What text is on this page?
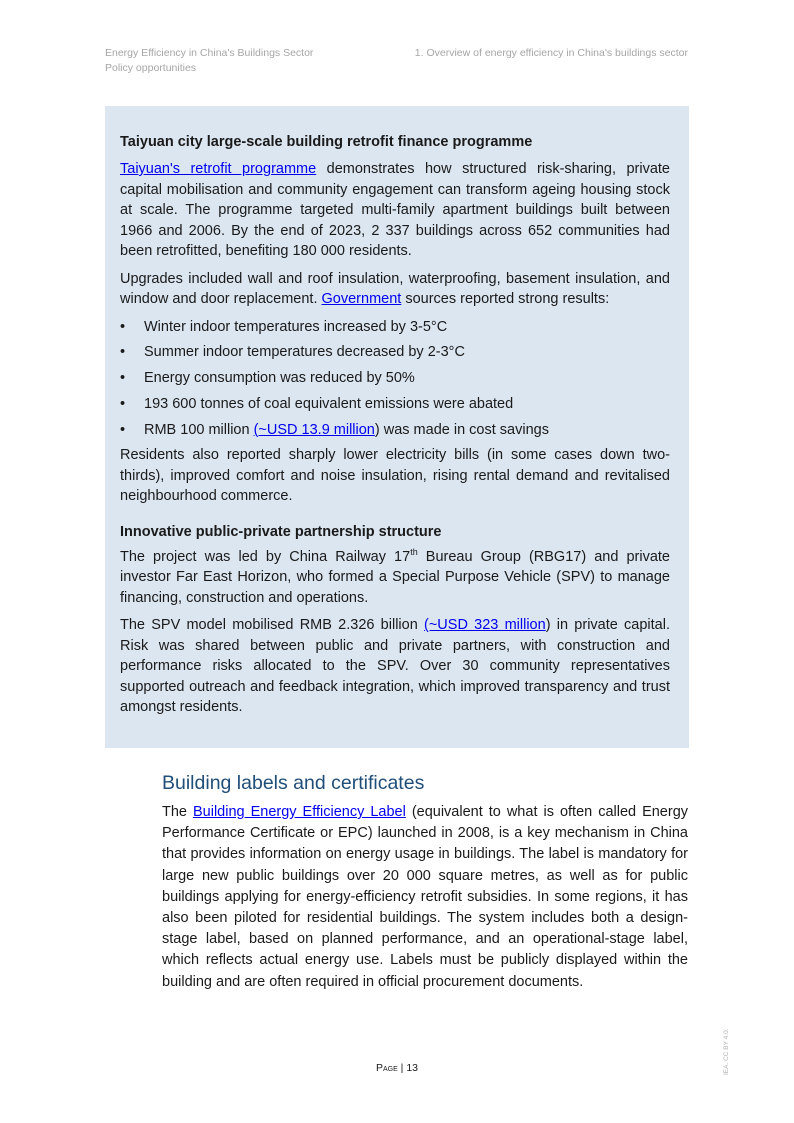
Energy Efficiency in China's Buildings Sector
Policy opportunities
1. Overview of energy efficiency in China's buildings sector
Taiyuan city large-scale building retrofit finance programme

Taiyuan's retrofit programme demonstrates how structured risk-sharing, private capital mobilisation and community engagement can transform ageing housing stock at scale. The programme targeted multi-family apartment buildings built between 1966 and 2006. By the end of 2023, 2 337 buildings across 652 communities had been retrofitted, benefiting 180 000 residents.

Upgrades included wall and roof insulation, waterproofing, basement insulation, and window and door replacement. Government sources reported strong results:

•	Winter indoor temperatures increased by 3-5°C
•	Summer indoor temperatures decreased by 2-3°C
•	Energy consumption was reduced by 50%
•	193 600 tonnes of coal equivalent emissions were abated
•	RMB 100 million (~USD 13.9 million) was made in cost savings

Residents also reported sharply lower electricity bills (in some cases down two-thirds), improved comfort and noise insulation, rising rental demand and revitalised neighbourhood commerce.

Innovative public-private partnership structure

The project was led by China Railway 17th Bureau Group (RBG17) and private investor Far East Horizon, who formed a Special Purpose Vehicle (SPV) to manage financing, construction and operations.

The SPV model mobilised RMB 2.326 billion (~USD 323 million) in private capital. Risk was shared between public and private partners, with construction and performance risks allocated to the SPV. Over 30 community representatives supported outreach and feedback integration, which improved transparency and trust amongst residents.

Building labels and certificates

The Building Energy Efficiency Label (equivalent to what is often called Energy Performance Certificate or EPC) launched in 2008, is a key mechanism in China that provides information on energy usage in buildings. The label is mandatory for large new public buildings over 20 000 square metres, as well as for public buildings applying for energy-efficiency retrofit subsidies. In some regions, it has also been piloted for residential buildings. The system includes both a design-stage label, based on planned performance, and an operational-stage label, which reflects actual energy use. Labels must be publicly displayed within the building and are often required in official procurement documents.

Page | 13	IEA. CC BY 4.0.
